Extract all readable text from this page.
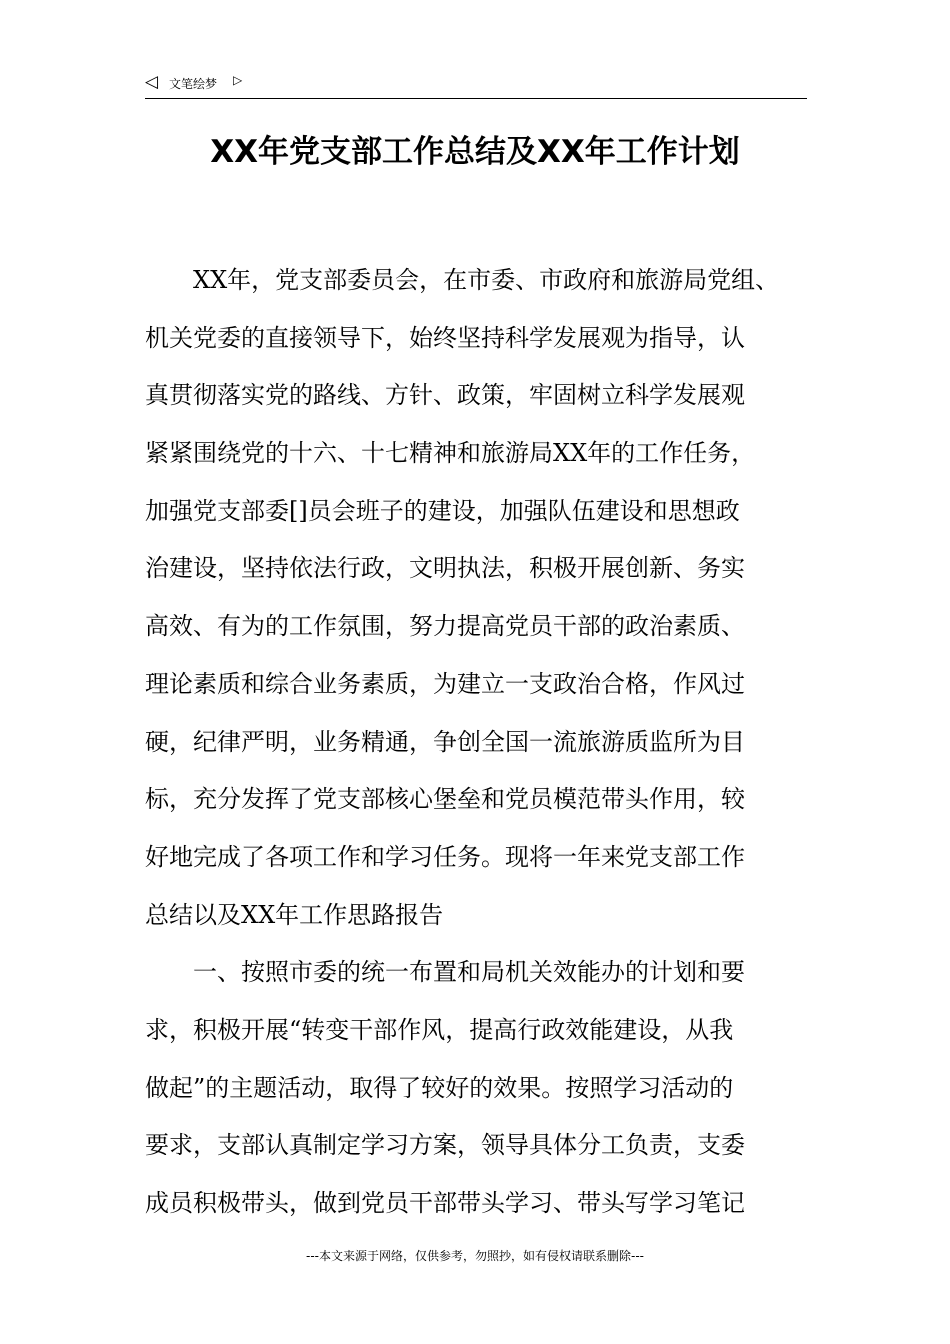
◁ 文笔绘梦 ▷
XX年党支部工作总结及XX年工作计划
　　XX年，党支部委员会，在市委、市政府和旅游局党组、
机关党委的直接领导下，始终坚持科学发展观为指导，认
真贯彻落实党的路线、方针、政策，牢固树立科学发展观
紧紧围绕党的十六、十七精神和旅游局XX年的工作任务，
加强党支部委[]员会班子的建设，加强队伍建设和思想政
治建设，坚持依法行政，文明执法，积极开展创新、务实
高效、有为的工作氛围，努力提高党员干部的政治素质、
理论素质和综合业务素质，为建立一支政治合格，作风过
硬，纪律严明，业务精通，争创全国一流旅游质监所为目
标，充分发挥了党支部核心堡垒和党员模范带头作用，较
好地完成了各项工作和学习任务。现将一年来党支部工作
总结以及XX年工作思路报告
　　一、按照市委的统一布置和局机关效能办的计划和要
求，积极开展“转变干部作风，提高行政效能建设，从我
做起”的主题活动，取得了较好的效果。按照学习活动的
要求，支部认真制定学习方案，领导具体分工负责，支委
成员积极带头，做到党员干部带头学习、带头写学习笔记
---本文来源于网络，仅供参考，勿照抄，如有侵权请联系删除---
